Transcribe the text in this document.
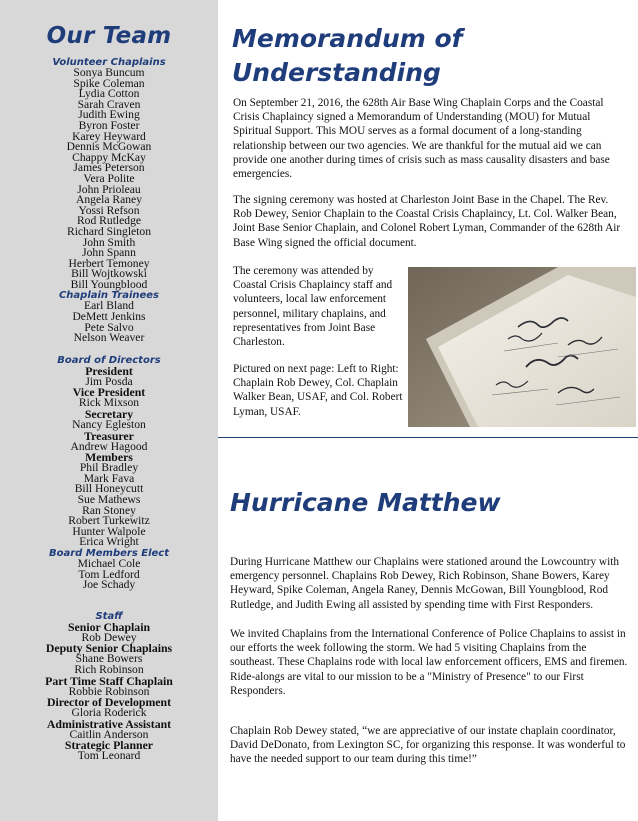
Our Team
Volunteer Chaplains
Sonya Buncum
Spike Coleman
Lydia Cotton
Sarah Craven
Judith Ewing
Byron Foster
Karey Heyward
Dennis McGowan
Chappy McKay
James Peterson
Vera Polite
John Prioleau
Angela Raney
Yossi Refson
Rod Rutledge
Richard Singleton
John Smith
John Spann
Herbert Temoney
Bill Wojtkowski
Bill Youngblood
Chaplain Trainees
Earl Bland
DeMett Jenkins
Pete Salvo
Nelson Weaver
Board of Directors
President
Jim Posda
Vice President
Rick Mixson
Secretary
Nancy Egleston
Treasurer
Andrew Hagood
Members
Phil Bradley
Mark Fava
Bill Honeycutt
Sue Mathews
Ran Stoney
Robert Turkewitz
Hunter Walpole
Erica Wright
Board Members Elect
Michael Cole
Tom Ledford
Joe Schady
Staff
Senior Chaplain
Rob Dewey
Deputy Senior Chaplains
Shane Bowers
Rich Robinson
Part Time Staff Chaplain
Robbie Robinson
Director of Development
Gloria Roderick
Administrative Assistant
Caitlin Anderson
Strategic Planner
Tom Leonard
Memorandum of
Understanding

On September 21, 2016, the 628th Air Base Wing Chaplain Corps and the Coastal Crisis Chaplaincy signed a Memorandum of Understanding (MOU) for Mutual Spiritual Support. This MOU serves as a formal document of a long-standing relationship between our two agencies. We are thankful for the mutual aid we can provide one another during times of crisis such as mass causality disasters and base emergencies.

The signing ceremony was hosted at Charleston Joint Base in the Chapel. The Rev. Rob Dewey, Senior Chaplain to the Coastal Crisis Chaplaincy, Lt. Col. Walker Bean, Joint Base Senior Chaplain, and Colonel Robert Lyman, Commander of the 628th Air Base Wing signed the official document.

The ceremony was attended by Coastal Crisis Chaplaincy staff and volunteers, local law enforcement personnel, military chaplains, and representatives from Joint Base Charleston.

Pictured on next page: Left to Right: Chaplain Rob Dewey, Col. Chaplain Walker Bean, USAF, and Col. Robert Lyman, USAF.

Hurricane Matthew

During Hurricane Matthew our Chaplains were stationed around the Lowcountry with emergency personnel. Chaplains Rob Dewey, Rich Robinson, Shane Bowers, Karey Heyward, Spike Coleman, Angela Raney, Dennis McGowan, Bill Youngblood, Rod Rutledge, and Judith Ewing all assisted by spending time with First Responders.

We invited Chaplains from the International Conference of Police Chaplains to assist in our efforts the week following the storm. We had 5 visiting Chaplains from the southeast. These Chaplains rode with local law enforcement officers, EMS and firemen. Ride-alongs are vital to our mission to be a "Ministry of Presence" to our First Responders.

Chaplain Rob Dewey stated, “we are appreciative of our instate chaplain coordinator, David DeDonato, from Lexington SC, for organizing this response. It was wonderful to have the needed support to our team during this time!”
